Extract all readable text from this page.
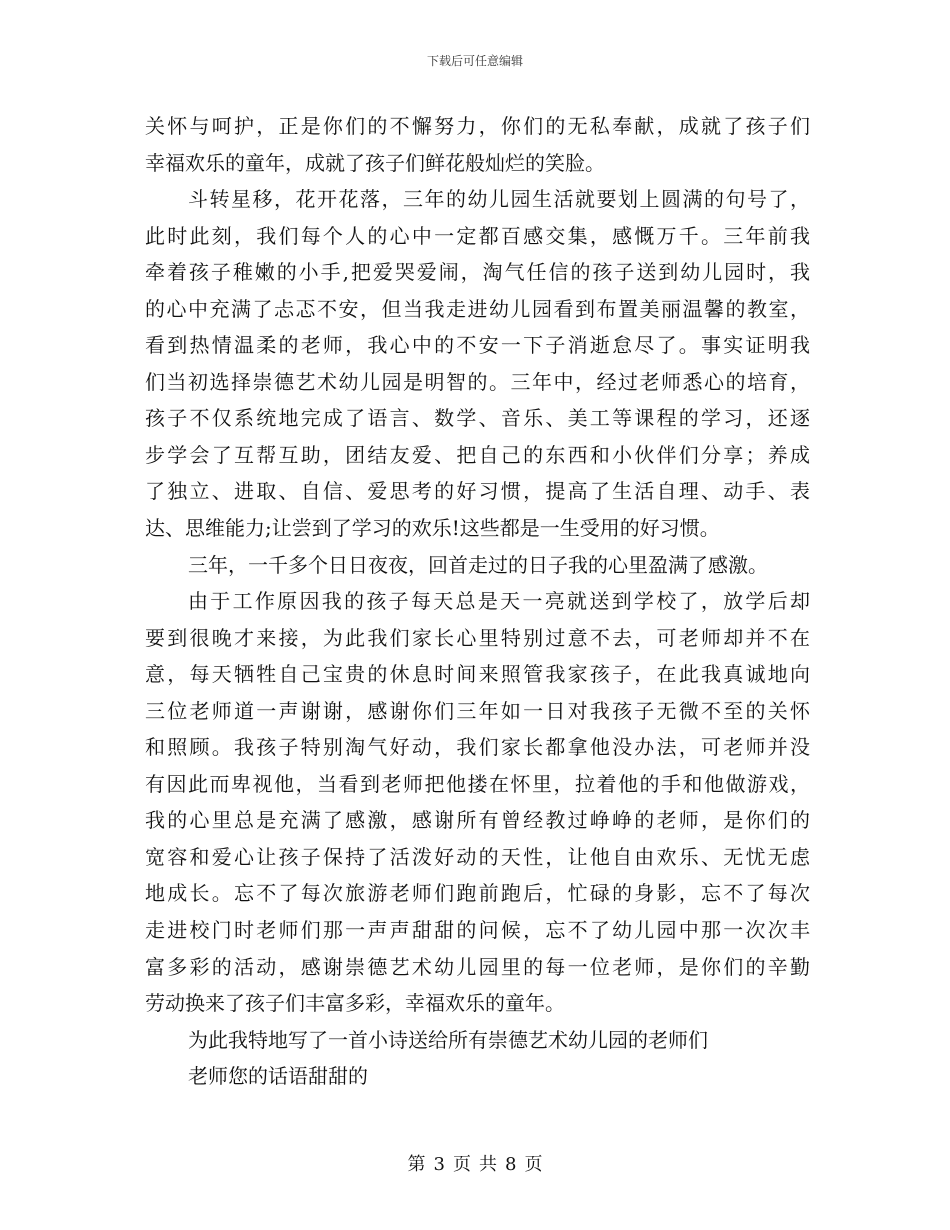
下载后可任意编辑
关怀与呵护，正是你们的不懈努力，你们的无私奉献，成就了孩子们
幸福欢乐的童年，成就了孩子们鲜花般灿烂的笑脸。
斗转星移，花开花落，三年的幼儿园生活就要划上圆满的句号了，
此时此刻，我们每个人的心中一定都百感交集，感慨万千。三年前我
牵着孩子稚嫩的小手,把爱哭爱闹，淘气任信的孩子送到幼儿园时，我
的心中充满了忐忑不安，但当我走进幼儿园看到布置美丽温馨的教室，
看到热情温柔的老师，我心中的不安一下子消逝怠尽了。事实证明我
们当初选择崇德艺术幼儿园是明智的。三年中，经过老师悉心的培育，
孩子不仅系统地完成了语言、数学、音乐、美工等课程的学习，还逐
步学会了互帮互助，团结友爱、把自己的东西和小伙伴们分享；养成
了独立、进取、自信、爱思考的好习惯，提高了生活自理、动手、表
达、思维能力;让尝到了学习的欢乐!这些都是一生受用的好习惯。
三年，一千多个日日夜夜，回首走过的日子我的心里盈满了感激。
由于工作原因我的孩子每天总是天一亮就送到学校了，放学后却
要到很晚才来接，为此我们家长心里特别过意不去，可老师却并不在
意，每天牺牲自己宝贵的休息时间来照管我家孩子，在此我真诚地向
三位老师道一声谢谢，感谢你们三年如一日对我孩子无微不至的关怀
和照顾。我孩子特别淘气好动，我们家长都拿他没办法，可老师并没
有因此而卑视他，当看到老师把他搂在怀里，拉着他的手和他做游戏，
我的心里总是充满了感激，感谢所有曾经教过峥峥的老师，是你们的
宽容和爱心让孩子保持了活泼好动的天性，让他自由欢乐、无忧无虑
地成长。忘不了每次旅游老师们跑前跑后，忙碌的身影，忘不了每次
走进校门时老师们那一声声甜甜的问候，忘不了幼儿园中那一次次丰
富多彩的活动，感谢崇德艺术幼儿园里的每一位老师，是你们的辛勤
劳动换来了孩子们丰富多彩，幸福欢乐的童年。
为此我特地写了一首小诗送给所有崇德艺术幼儿园的老师们
老师您的话语甜甜的
第 3 页 共 8 页
